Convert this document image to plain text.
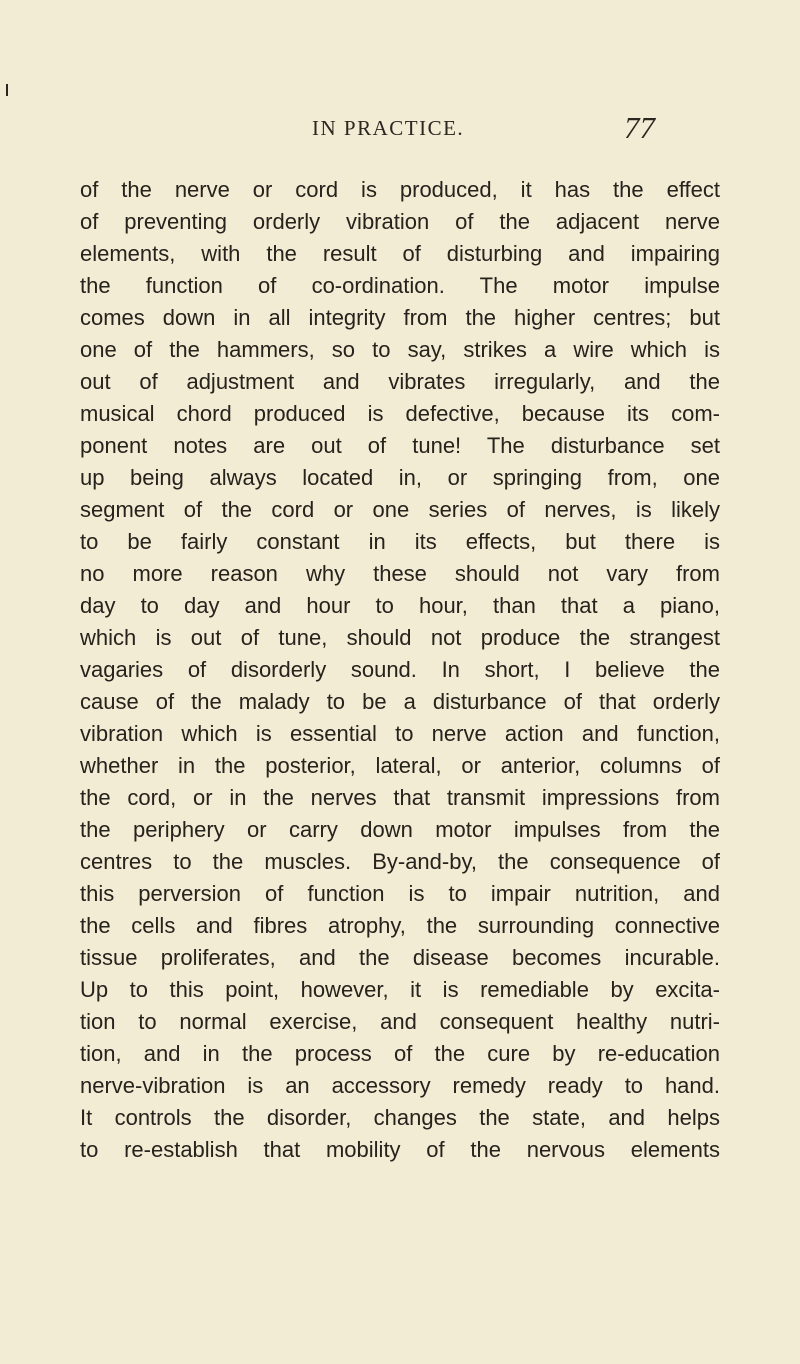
IN PRACTICE.	77
of the nerve or cord is produced, it has the effect
of preventing orderly vibration of the adjacent nerve
elements, with the result of disturbing and impairing
the function of co-ordination. The motor impulse
comes down in all integrity from the higher centres; but
one of the hammers, so to say, strikes a wire which is
out of adjustment and vibrates irregularly, and the
musical chord produced is defective, because its com-
ponent notes are out of tune! The disturbance set
up being always located in, or springing from, one
segment of the cord or one series of nerves, is likely
to be fairly constant in its effects, but there is
no more reason why these should not vary from
day to day and hour to hour, than that a piano,
which is out of tune, should not produce the strangest
vagaries of disorderly sound. In short, I believe the
cause of the malady to be a disturbance of that orderly
vibration which is essential to nerve action and function,
whether in the posterior, lateral, or anterior, columns of
the cord, or in the nerves that transmit impressions from
the periphery or carry down motor impulses from the
centres to the muscles. By-and-by, the consequence of
this perversion of function is to impair nutrition, and
the cells and fibres atrophy, the surrounding connective
tissue proliferates, and the disease becomes incurable.
Up to this point, however, it is remediable by excita-
tion to normal exercise, and consequent healthy nutri-
tion, and in the process of the cure by re-education
nerve-vibration is an accessory remedy ready to hand.
It controls the disorder, changes the state, and helps
to re-establish that mobility of the nervous elements
